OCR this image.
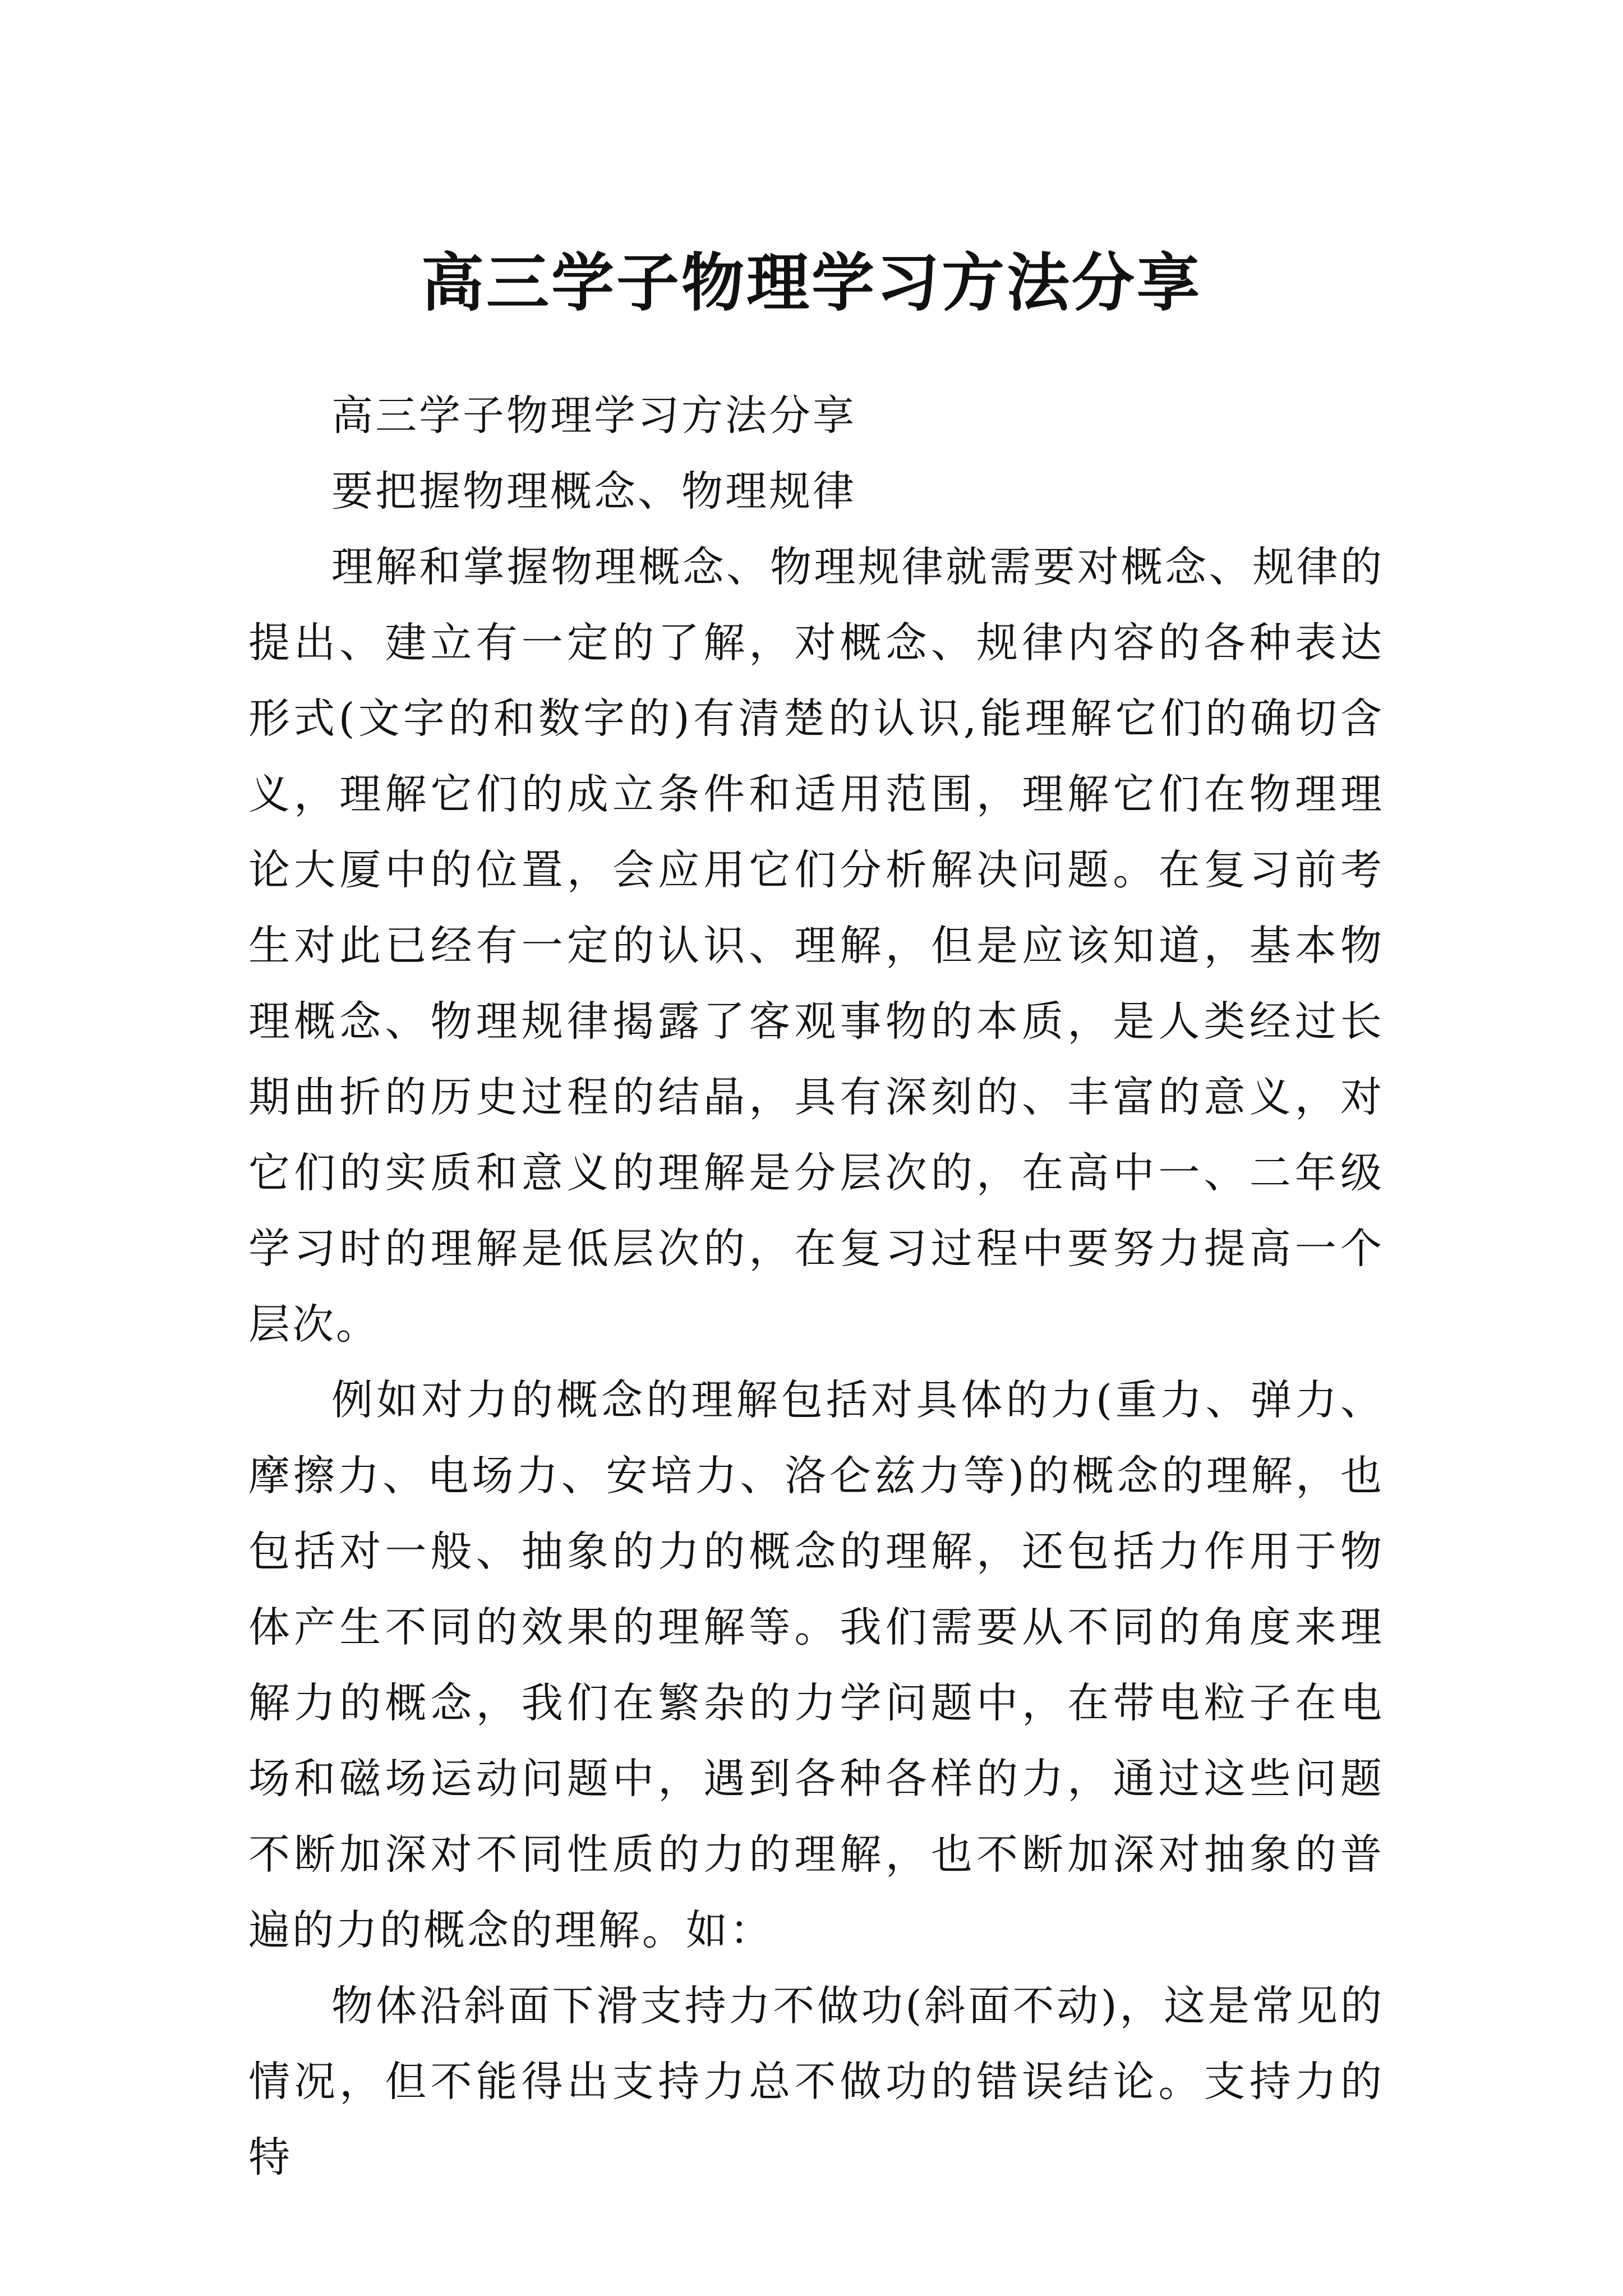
高三学子物理学习方法分享

高三学子物理学习方法分享

要把握物理概念、物理规律

理解和掌握物理概念、物理规律就需要对概念、规律的提出、建立有一定的了解，对概念、规律内容的各种表达形式(文字的和数字的)有清楚的认识,能理解它们的确切含义，理解它们的成立条件和适用范围，理解它们在物理理论大厦中的位置，会应用它们分析解决问题。在复习前考生对此已经有一定的认识、理解，但是应该知道，基本物理概念、物理规律揭露了客观事物的本质，是人类经过长期曲折的历史过程的结晶，具有深刻的、丰富的意义，对它们的实质和意义的理解是分层次的，在高中一、二年级学习时的理解是低层次的，在复习过程中要努力提高一个层次。

例如对力的概念的理解包括对具体的力(重力、弹力、摩擦力、电场力、安培力、洛仑兹力等)的概念的理解，也包括对一般、抽象的力的概念的理解，还包括力作用于物体产生不同的效果的理解等。我们需要从不同的角度来理解力的概念，我们在繁杂的力学问题中，在带电粒子在电场和磁场运动问题中，遇到各种各样的力，通过这些问题不断加深对不同性质的力的理解，也不断加深对抽象的普遍的力的概念的理解。如：

物体沿斜面下滑支持力不做功(斜面不动)，这是常见的情况，但不能得出支持力总不做功的错误结论。支持力的特
